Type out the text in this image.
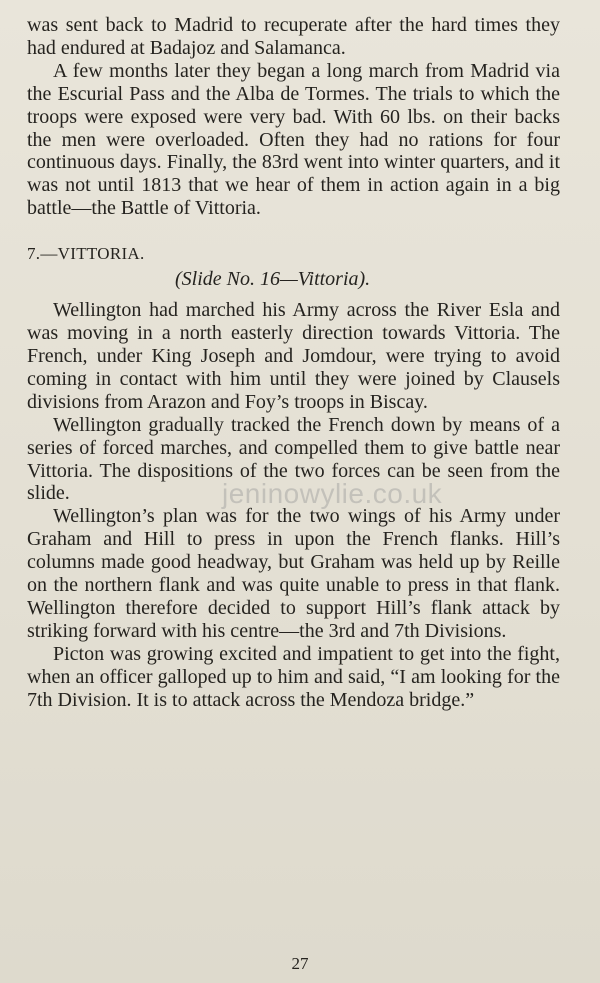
was sent back to Madrid to recuperate after the hard times they had endured at Badajoz and Salamanca.

A few months later they began a long march from Madrid via the Escurial Pass and the Alba de Tormes. The trials to which the troops were exposed were very bad. With 60 lbs. on their backs the men were overloaded. Often they had no rations for four continuous days. Finally, the 83rd went into winter quarters, and it was not until 1813 that we hear of them in action again in a big battle—the Battle of Vittoria.

7.—VITTORIA.

(Slide No. 16—Vittoria).

Wellington had marched his Army across the River Esla and was moving in a north easterly direction towards Vittoria. The French, under King Joseph and Jomdour, were trying to avoid coming in contact with him until they were joined by Clausels divisions from Arazon and Foy’s troops in Biscay.

Wellington gradually tracked the French down by means of a series of forced marches, and compelled them to give battle near Vittoria. The dispositions of the two forces can be seen from the slide.

Wellington’s plan was for the two wings of his Army under Graham and Hill to press in upon the French flanks. Hill’s columns made good headway, but Graham was held up by Reille on the northern flank and was quite unable to press in that flank. Wellington therefore decided to support Hill’s flank attack by striking forward with his centre—the 3rd and 7th Divisions.

Picton was growing excited and impatient to get into the fight, when an officer galloped up to him and said, “I am looking for the 7th Division. It is to attack across the Mendoza bridge.”

jeninowylie.co.uk
27
